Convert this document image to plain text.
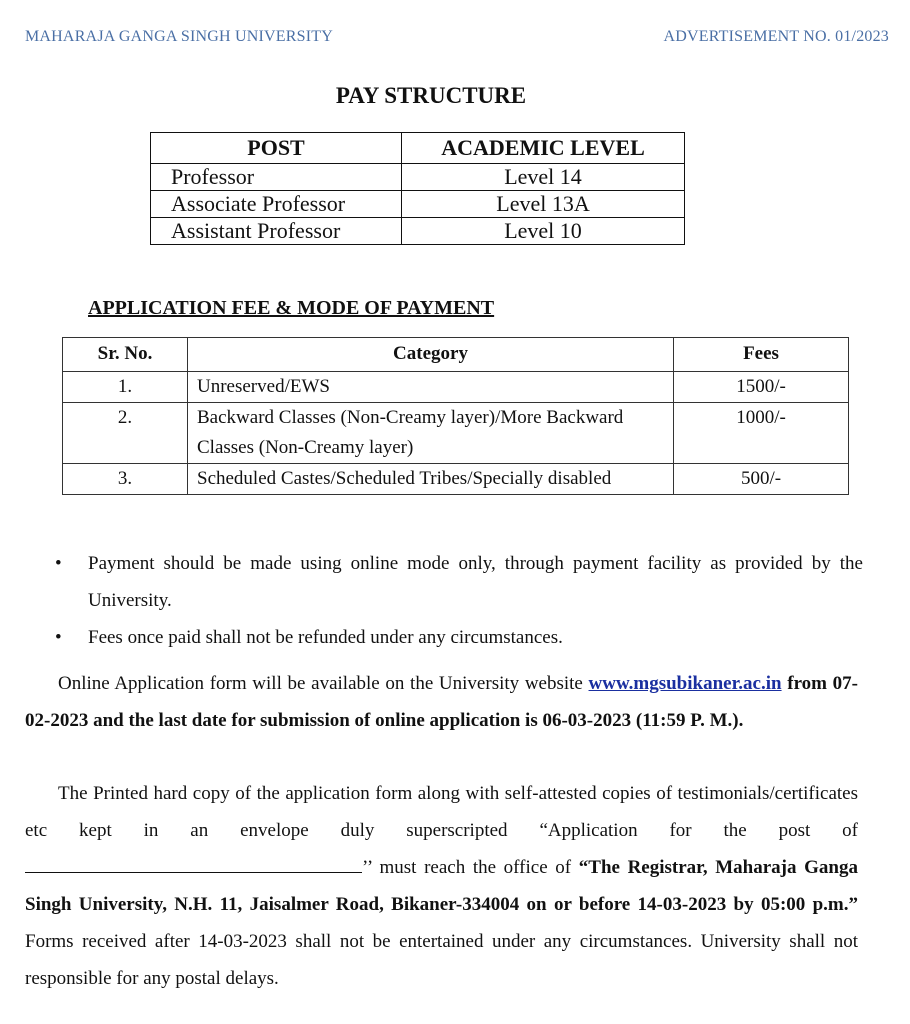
MAHARAJA GANGA SINGH UNIVERSITY	ADVERTISEMENT NO. 01/2023
PAY STRUCTURE
POST	ACADEMIC LEVEL
Professor	Level 14
Associate Professor	Level 13A
Assistant Professor	Level 10
APPLICATION FEE & MODE OF PAYMENT
Sr. No.	Category	Fees
1.	Unreserved/EWS	1500/-
2.	Backward Classes (Non-Creamy layer)/More Backward Classes (Non-Creamy layer)	1000/-
3.	Scheduled Castes/Scheduled Tribes/Specially disabled	500/-
• Payment should be made using online mode only, through payment facility as provided by the University.
• Fees once paid shall not be refunded under any circumstances.
Online Application form will be available on the University website www.mgsubikaner.ac.in from 07-02-2023 and the last date for submission of online application is 06-03-2023 (11:59 P. M.).
The Printed hard copy of the application form along with self-attested copies of testimonials/certificates etc kept in an envelope duly superscripted “Application for the post of ’’ must reach the office of “The Registrar, Maharaja Ganga Singh University, N.H. 11, Jaisalmer Road, Bikaner-334004 on or before 14-03-2023 by 05:00 p.m.” Forms received after 14-03-2023 shall not be entertained under any circumstances. University shall not responsible for any postal delays.
